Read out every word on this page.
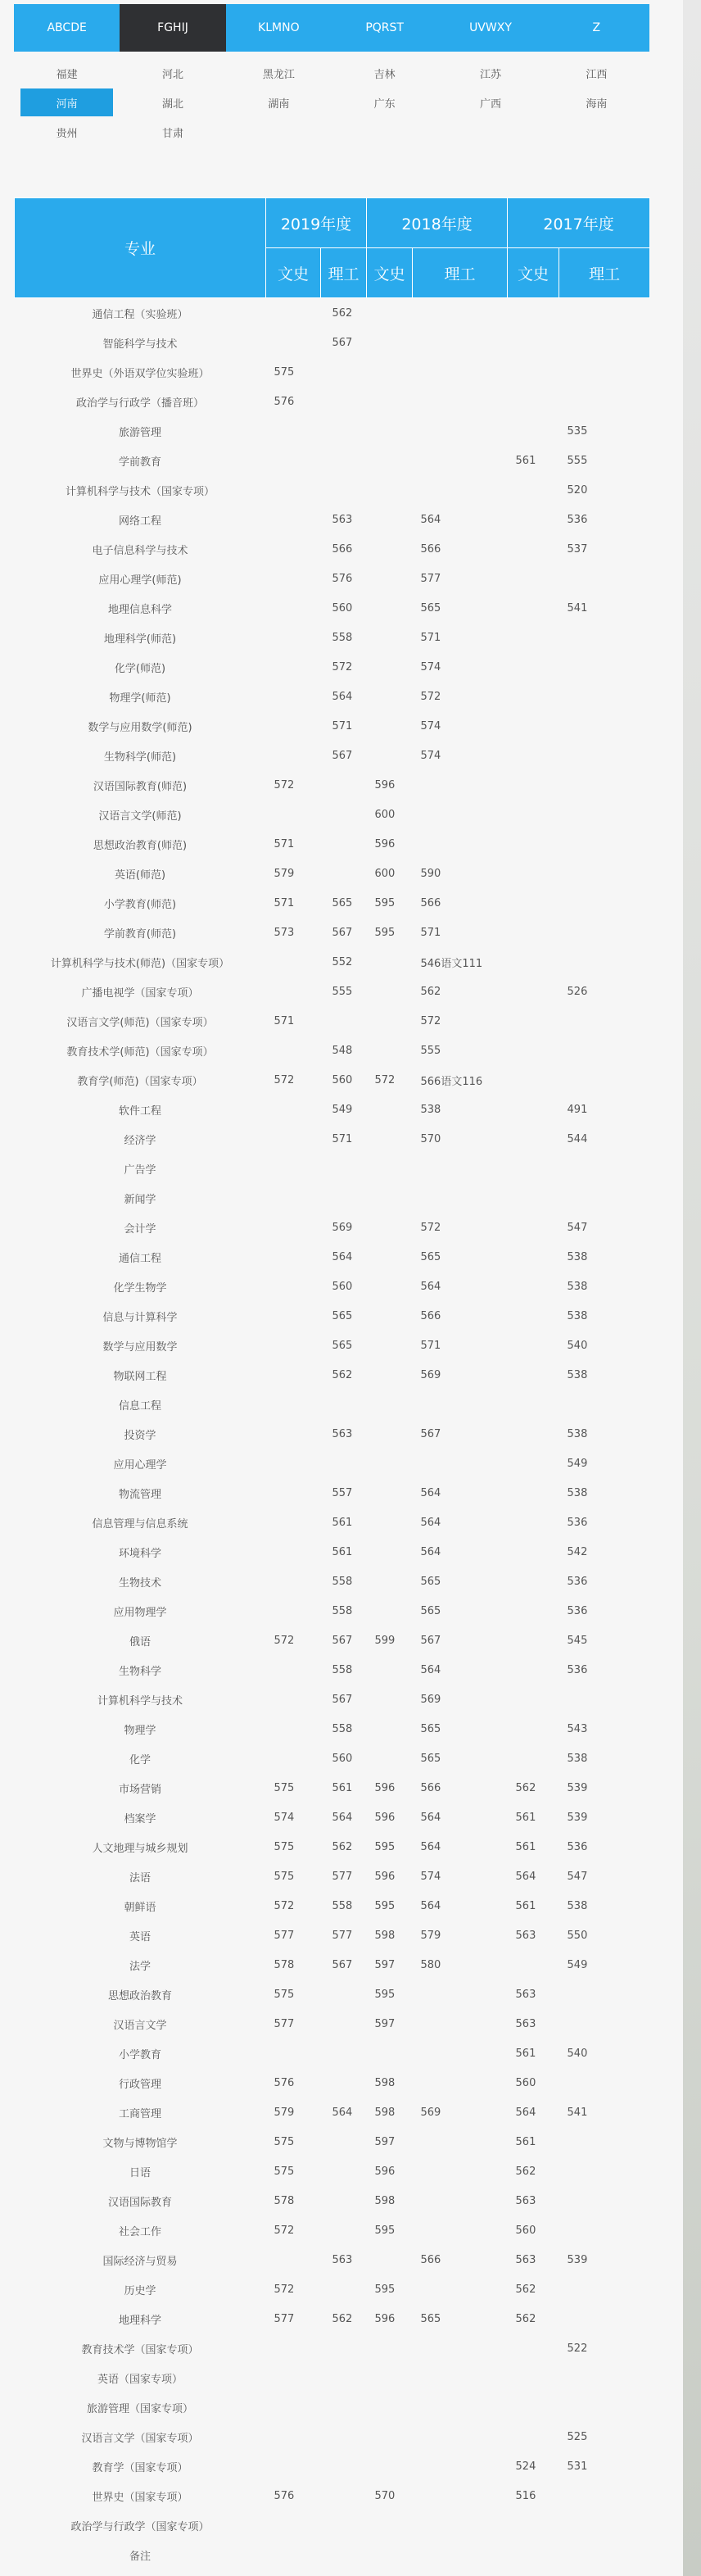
ABCDE	FGHIJ	KLMNO	PQRST	UVWXY	Z
福建	河北	黑龙江	吉林	江苏	江西
河南	湖北	湖南	广东	广西	海南
贵州	甘肃
专业	2019年度		2018年度		2017年度	
	文史	理工	文史	理工	文史	理工
通信工程（实验班）		562				
智能科学与技术		567				
世界史（外语双学位实验班）	575					
政治学与行政学（播音班）	576					
旅游管理						535
学前教育					561	555
计算机科学与技术（国家专项）						520
网络工程		563		564		536
电子信息科学与技术		566		566		537
应用心理学(师范)		576		577		
地理信息科学		560		565		541
地理科学(师范)		558		571		
化学(师范)		572		574		
物理学(师范)		564		572		
数学与应用数学(师范)		571		574		
生物科学(师范)		567		574		
汉语国际教育(师范)	572		596			
汉语言文学(师范)			600			
思想政治教育(师范)	571		596			
英语(师范)	579		600	590		
小学教育(师范)	571	565	595	566		
学前教育(师范)	573	567	595	571		
计算机科学与技术(师范)（国家专项）		552		546语文111		
广播电视学（国家专项）		555		562		526
汉语言文学(师范)（国家专项）	571			572		
教育技术学(师范)（国家专项）		548		555		
教育学(师范)（国家专项）	572	560	572	566语文116		
软件工程		549		538		491
经济学		571		570		544
广告学						
新闻学						
会计学		569		572		547
通信工程		564		565		538
化学生物学		560		564		538
信息与计算科学		565		566		538
数学与应用数学		565		571		540
物联网工程		562		569		538
信息工程						
投资学		563		567		538
应用心理学						549
物流管理		557		564		538
信息管理与信息系统		561		564		536
环境科学		561		564		542
生物技术		558		565		536
应用物理学		558		565		536
俄语	572	567	599	567		545
生物科学		558		564		536
计算机科学与技术		567		569		
物理学		558		565		543
化学		560		565		538
市场营销	575	561	596	566	562	539
档案学	574	564	596	564	561	539
人文地理与城乡规划	575	562	595	564	561	536
法语	575	577	596	574	564	547
朝鲜语	572	558	595	564	561	538
英语	577	577	598	579	563	550
法学	578	567	597	580		549
思想政治教育	575		595		563	
汉语言文学	577		597		563	
小学教育					561	540
行政管理	576		598		560	
工商管理	579	564	598	569	564	541
文物与博物馆学	575		597		561	
日语	575		596		562	
汉语国际教育	578		598		563	
社会工作	572		595		560	
国际经济与贸易		563		566	563	539
历史学	572		595		562	
地理科学	577	562	596	565	562	
教育技术学（国家专项）						522
英语（国家专项）						
旅游管理（国家专项）						
汉语言文学（国家专项）						525
教育学（国家专项）					524	531
世界史（国家专项）	576		570		516	
政治学与行政学（国家专项）						
备注						
